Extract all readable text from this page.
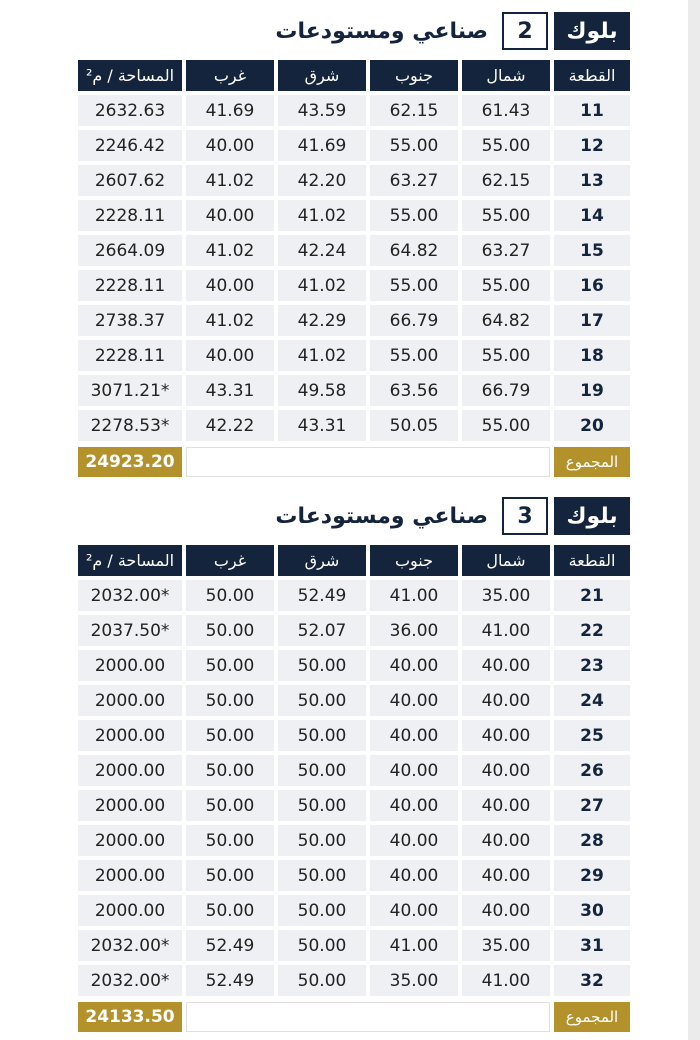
بلوك
2
صناعي ومستودعات
القطعة	شمال	جنوب	شرق	غرب	المساحة / م²
11	61.43	62.15	43.59	41.69	2632.63
12	55.00	55.00	41.69	40.00	2246.42
13	62.15	63.27	42.20	41.02	2607.62
14	55.00	55.00	41.02	40.00	2228.11
15	63.27	64.82	42.24	41.02	2664.09
16	55.00	55.00	41.02	40.00	2228.11
17	64.82	66.79	42.29	41.02	2738.37
18	55.00	55.00	41.02	40.00	2228.11
19	66.79	63.56	49.58	43.31	3071.21*
20	55.00	50.05	43.31	42.22	2278.53*
المجموع
24923.20
بلوك
3
صناعي ومستودعات
القطعة	شمال	جنوب	شرق	غرب	المساحة / م²
21	35.00	41.00	52.49	50.00	2032.00*
22	41.00	36.00	52.07	50.00	2037.50*
23	40.00	40.00	50.00	50.00	2000.00
24	40.00	40.00	50.00	50.00	2000.00
25	40.00	40.00	50.00	50.00	2000.00
26	40.00	40.00	50.00	50.00	2000.00
27	40.00	40.00	50.00	50.00	2000.00
28	40.00	40.00	50.00	50.00	2000.00
29	40.00	40.00	50.00	50.00	2000.00
30	40.00	40.00	50.00	50.00	2000.00
31	35.00	41.00	50.00	52.49	2032.00*
32	41.00	35.00	50.00	52.49	2032.00*
المجموع
24133.50
